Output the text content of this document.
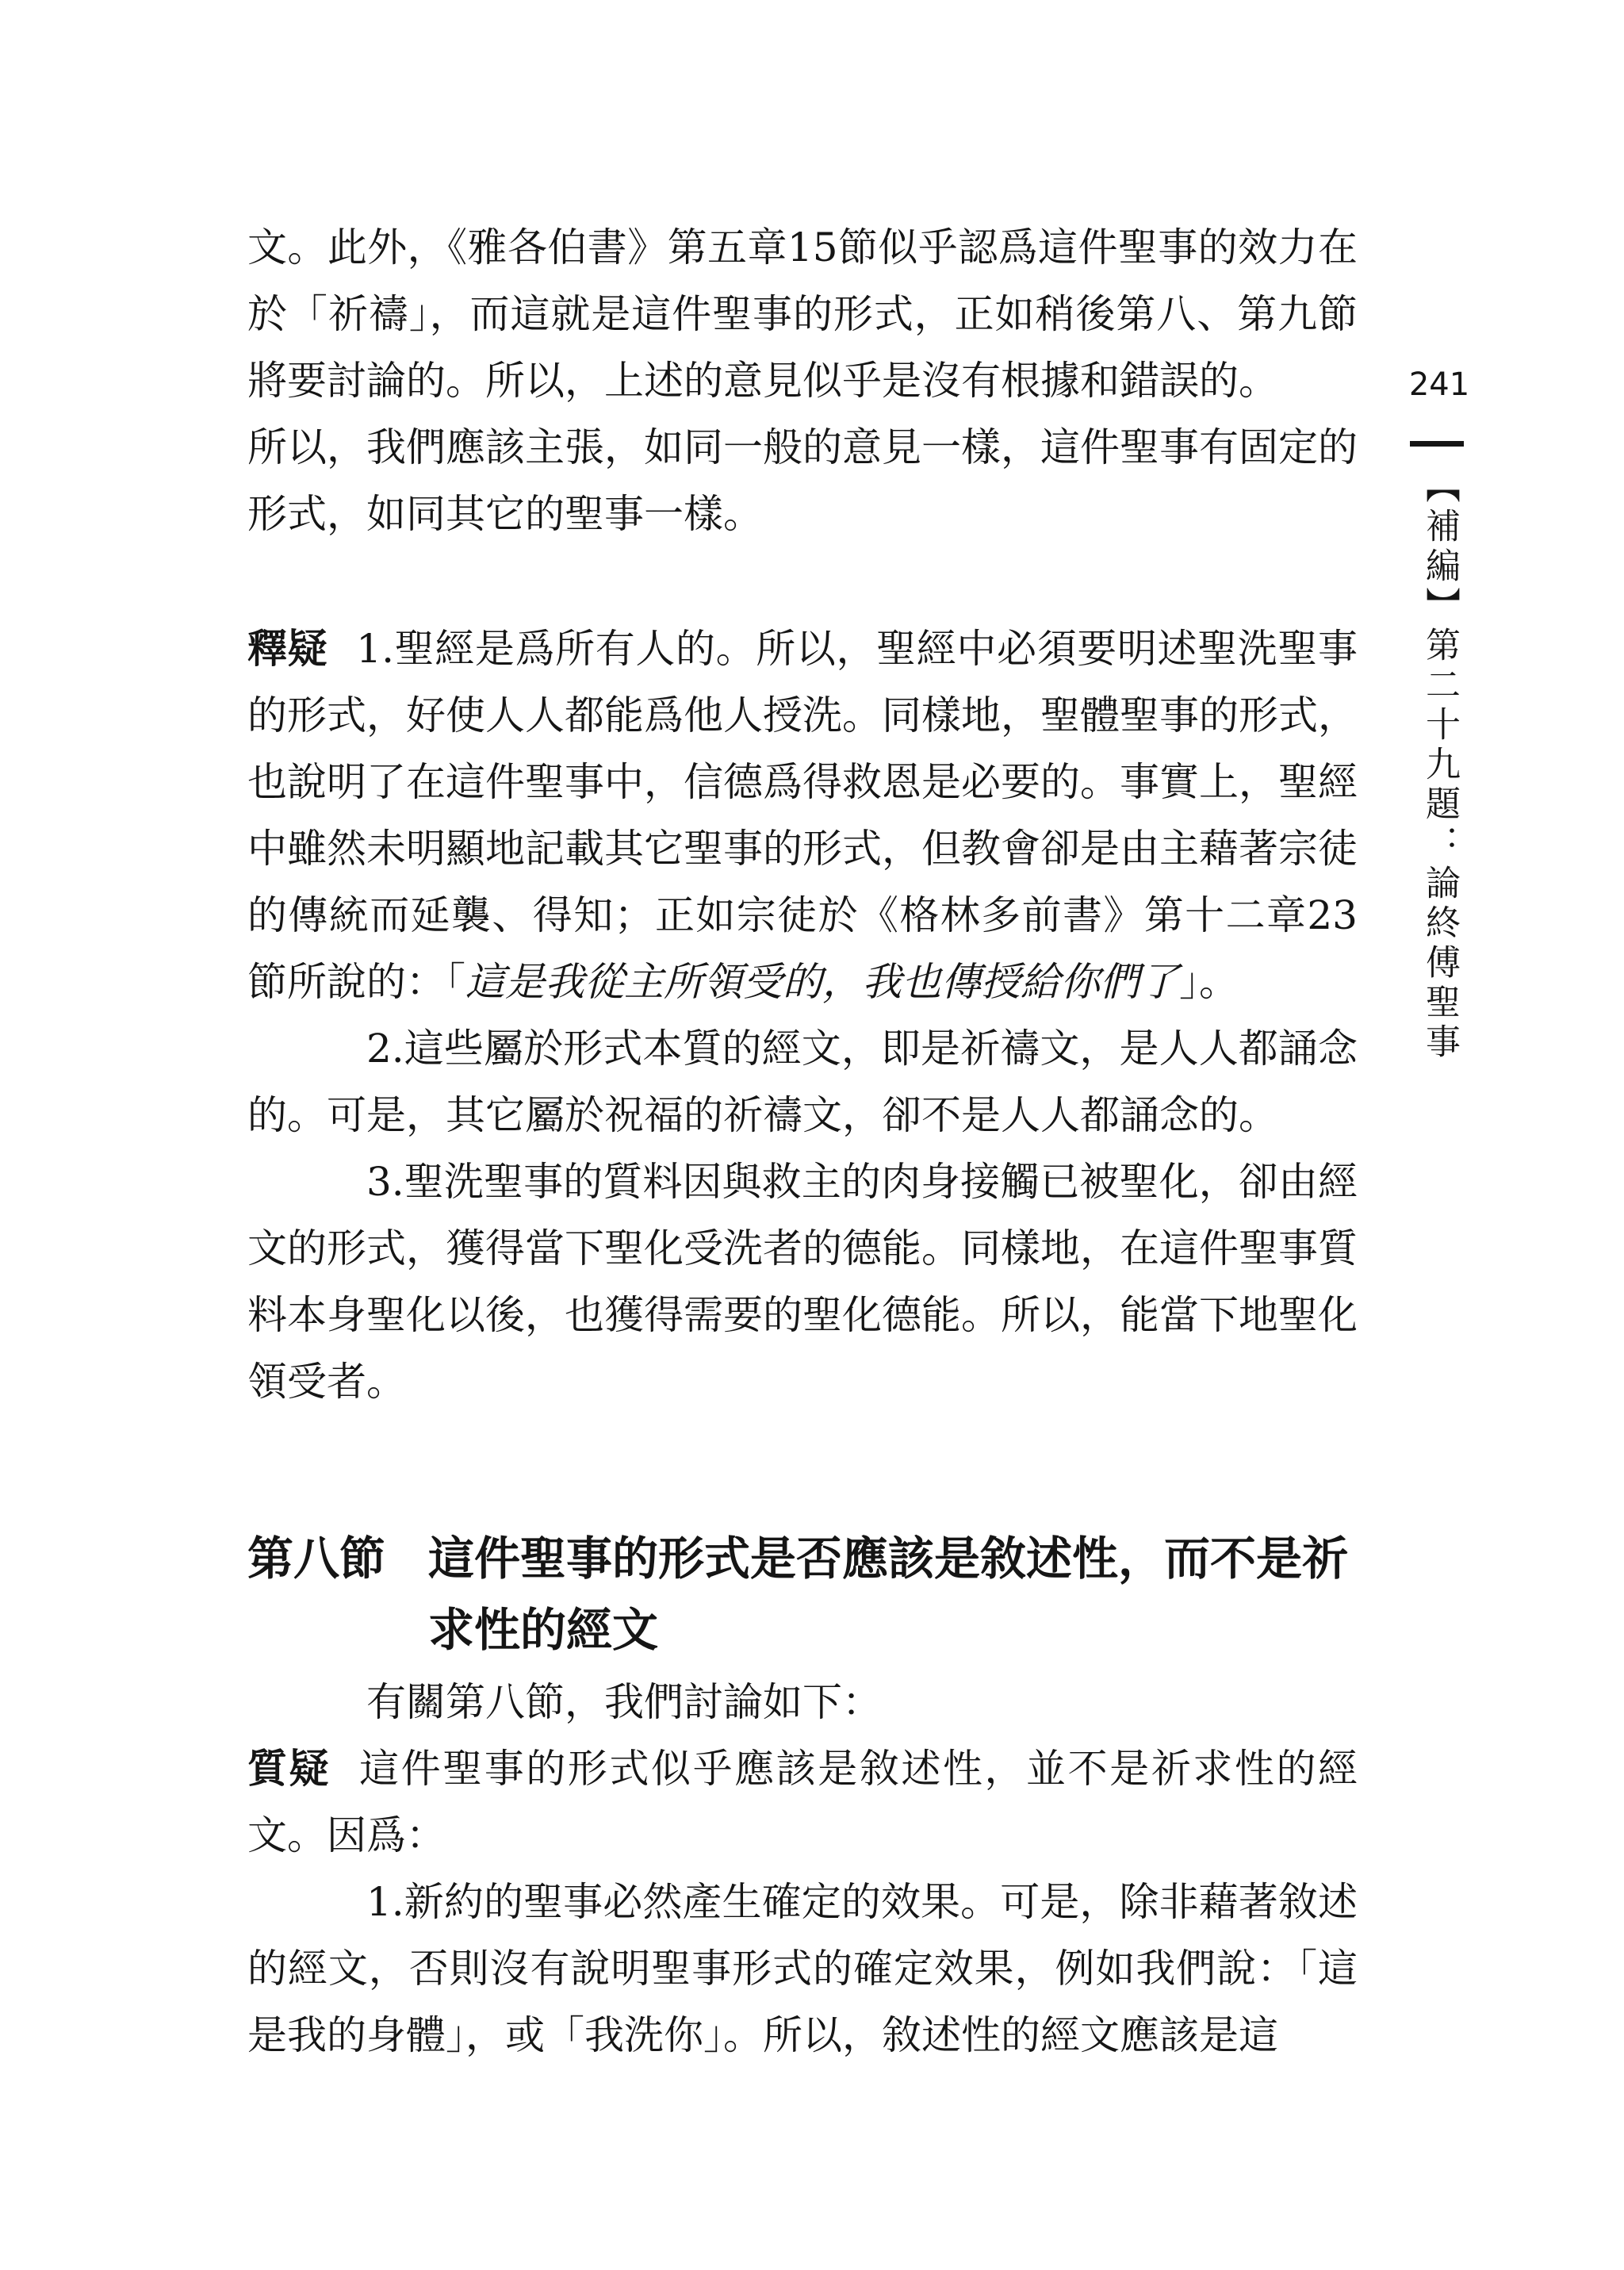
241
【補編】第二十九題：論終傅聖事

文。此外，《雅各伯書》第五章15節似乎認爲這件聖事的效力在於「祈禱」，而這就是這件聖事的形式，正如稍後第八、第九節將要討論的。所以，上述的意見似乎是沒有根據和錯誤的。

所以，我們應該主張，如同一般的意見一樣，這件聖事有固定的形式，如同其它的聖事一樣。

釋疑 1.聖經是爲所有人的。所以，聖經中必須要明述聖洗聖事的形式，好使人人都能爲他人授洗。同樣地，聖體聖事的形式，也說明了在這件聖事中，信德爲得救恩是必要的。事實上，聖經中雖然未明顯地記載其它聖事的形式，但教會卻是由主藉著宗徒的傳統而延襲、得知；正如宗徒於《格林多前書》第十二章23節所說的：「這是我從主所領受的，我也傳授給你們了」。

2.這些屬於形式本質的經文，即是祈禱文，是人人都誦念的。可是，其它屬於祝福的祈禱文，卻不是人人都誦念的。

3.聖洗聖事的質料因與救主的肉身接觸已被聖化，卻由經文的形式，獲得當下聖化受洗者的德能。同樣地，在這件聖事質料本身聖化以後，也獲得需要的聖化德能。所以，能當下地聖化領受者。

第八節 這件聖事的形式是否應該是敘述性，而不是祈
求性的經文

有關第八節，我們討論如下：

質疑 這件聖事的形式似乎應該是敘述性，並不是祈求性的經文。因爲：

1.新約的聖事必然產生確定的效果。可是，除非藉著敘述的經文，否則沒有說明聖事形式的確定效果，例如我們說：「這是我的身體」，或「我洗你」。所以，敘述性的經文應該是這
